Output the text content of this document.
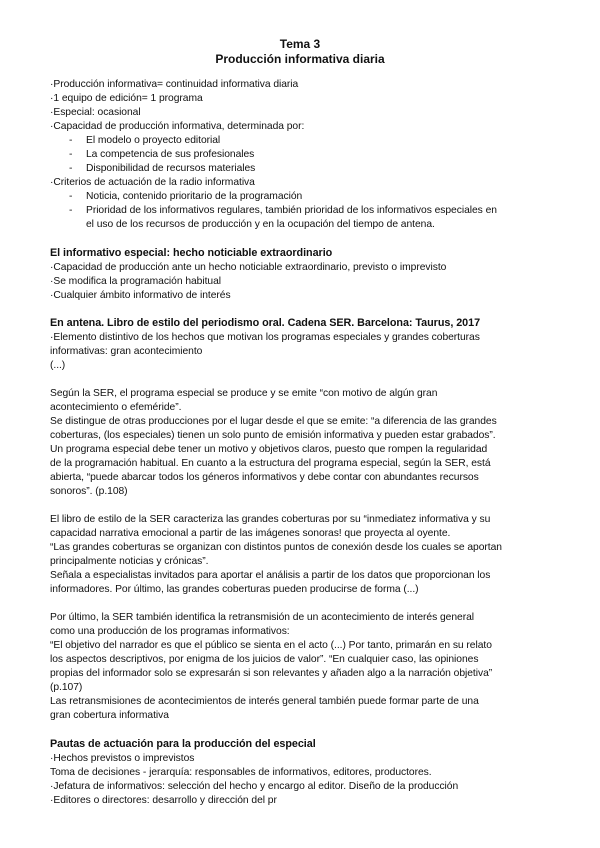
Tema 3
Producción informativa diaria
·Producción informativa= continuidad informativa diaria
·1 equipo de edición= 1 programa
·Especial: ocasional
·Capacidad de producción informativa, determinada por:
- El modelo o proyecto editorial
- La competencia de sus profesionales
- Disponibilidad de recursos materiales
·Criterios de actuación de la radio informativa
- Noticia, contenido prioritario de la programación
- Prioridad de los informativos regulares, también prioridad de los informativos especiales en
el uso de los recursos de producción y en la ocupación del tiempo de antena.
El informativo especial: hecho noticiable extraordinario
·Capacidad de producción ante un hecho noticiable extraordinario, previsto o imprevisto
·Se modifica la programación habitual
·Cualquier ámbito informativo de interés
En antena. Libro de estilo del periodismo oral. Cadena SER. Barcelona: Taurus, 2017
·Elemento distintivo de los hechos que motivan los programas especiales y grandes coberturas
informativas: gran acontecimiento
(...)
Según la SER, el programa especial se produce y se emite “con motivo de algún gran
acontecimiento o efeméride”.
Se distingue de otras producciones por el lugar desde el que se emite: “a diferencia de las grandes
coberturas, (los especiales) tienen un solo punto de emisión informativa y pueden estar grabados”.
Un programa especial debe tener un motivo y objetivos claros, puesto que rompen la regularidad
de la programación habitual. En cuanto a la estructura del programa especial, según la SER, está
abierta, “puede abarcar todos los géneros informativos y debe contar con abundantes recursos
sonoros”. (p.108)
El libro de estilo de la SER caracteriza las grandes coberturas por su “inmediatez informativa y su
capacidad narrativa emocional a partir de las imágenes sonoras! que proyecta al oyente.
“Las grandes coberturas se organizan con distintos puntos de conexión desde los cuales se aportan
principalmente noticias y crónicas”.
Señala a especialistas invitados para aportar el análisis a partir de los datos que proporcionan los
informadores. Por último, las grandes coberturas pueden producirse de forma (...)
Por último, la SER también identifica la retransmisión de un acontecimiento de interés general
como una producción de los programas informativos:
“El objetivo del narrador es que el público se sienta en el acto (...) Por tanto, primarán en su relato
los aspectos descriptivos, por enigma de los juicios de valor”. “En cualquier caso, las opiniones
propias del informador solo se expresarán si son relevantes y añaden algo a la narración objetiva”
(p.107)
Las retransmisiones de acontecimientos de interés general también puede formar parte de una
gran cobertura informativa
Pautas de actuación para la producción del especial
·Hechos previstos o imprevistos
Toma de decisiones - jerarquía: responsables de informativos, editores, productores.
·Jefatura de informativos: selección del hecho y encargo al editor. Diseño de la producción
·Editores o directores: desarrollo y dirección del pr
